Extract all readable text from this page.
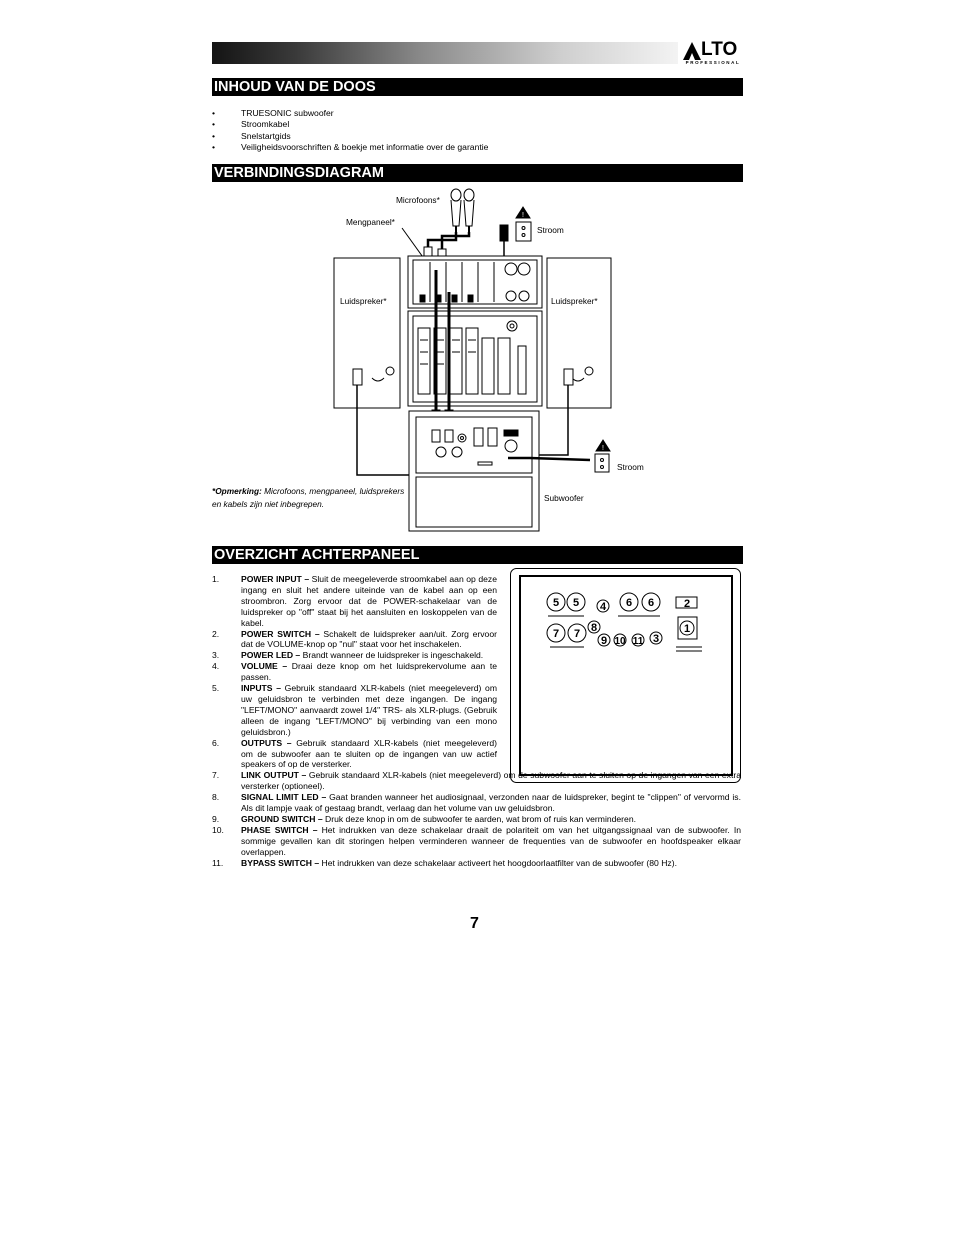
LTO
PROFESSIONAL
INHOUD VAN DE DOOS
• TRUESONIC subwoofer
• Stroomkabel
• Snelstartgids
• Veiligheidsvoorschriften & boekje met informatie over de garantie
VERBINDINGSDIAGRAM
!
!
Microfoons*
Mengpaneel*
Stroom
Luidspreker*	Luidspreker*
Stroom
Subwoofer
*Opmerking: Microfoons, mengpaneel, luidsprekers en kabels zijn niet inbegrepen.
OVERZICHT ACHTERPANEEL
5 5 4 6 6	2
7 7 8
9 10 11 3
1

1.	POWER INPUT – Sluit de meegeleverde stroomkabel aan op deze ingang en sluit het andere uiteinde van de kabel aan op een stroombron. Zorg ervoor dat de POWER-schakelaar van de luidspreker op "off" staat bij het aansluiten en loskoppelen van de kabel.

2.	POWER SWITCH – Schakelt de luidspreker aan/uit. Zorg ervoor dat de VOLUME-knop op "nul" staat voor het inschakelen.

3.	POWER LED – Brandt wanneer de luidspreker is ingeschakeld.

4.	VOLUME – Draai deze knop om het luidsprekervolume aan te passen.

5.	INPUTS – Gebruik standaard XLR-kabels (niet meegeleverd) om uw geluidsbron te verbinden met deze ingangen. De ingang "LEFT/MONO" aanvaardt zowel 1/4" TRS- als XLR-plugs. (Gebruik alleen de ingang "LEFT/MONO" bij verbinding van een mono geluidsbron.)

6.	OUTPUTS – Gebruik standaard XLR-kabels (niet meegeleverd) om de subwoofer aan te sluiten op de ingangen van uw actief speakers of op de versterker.

7.	LINK OUTPUT – Gebruik standaard XLR-kabels (niet meegeleverd) om de subwoofer aan te sluiten op de ingangen van een extra versterker (optioneel).

8.	SIGNAL LIMIT LED – Gaat branden wanneer het audiosignaal, verzonden naar de luidspreker, begint te "clippen" of vervormd is. Als dit lampje vaak of gestaag brandt, verlaag dan het volume van uw geluidsbron.

9.	GROUND SWITCH – Druk deze knop in om de subwoofer te aarden, wat brom of ruis kan verminderen.

10. PHASE SWITCH – Het indrukken van deze schakelaar draait de polariteit om van het uitgangssignaal van de subwoofer. In sommige gevallen kan dit storingen helpen verminderen wanneer de frequenties van de subwoofer en hoofdspeaker elkaar overlappen.

11. BYPASS SWITCH – Het indrukken van deze schakelaar activeert het hoogdoorlaatfilter van de subwoofer (80 Hz).

7
